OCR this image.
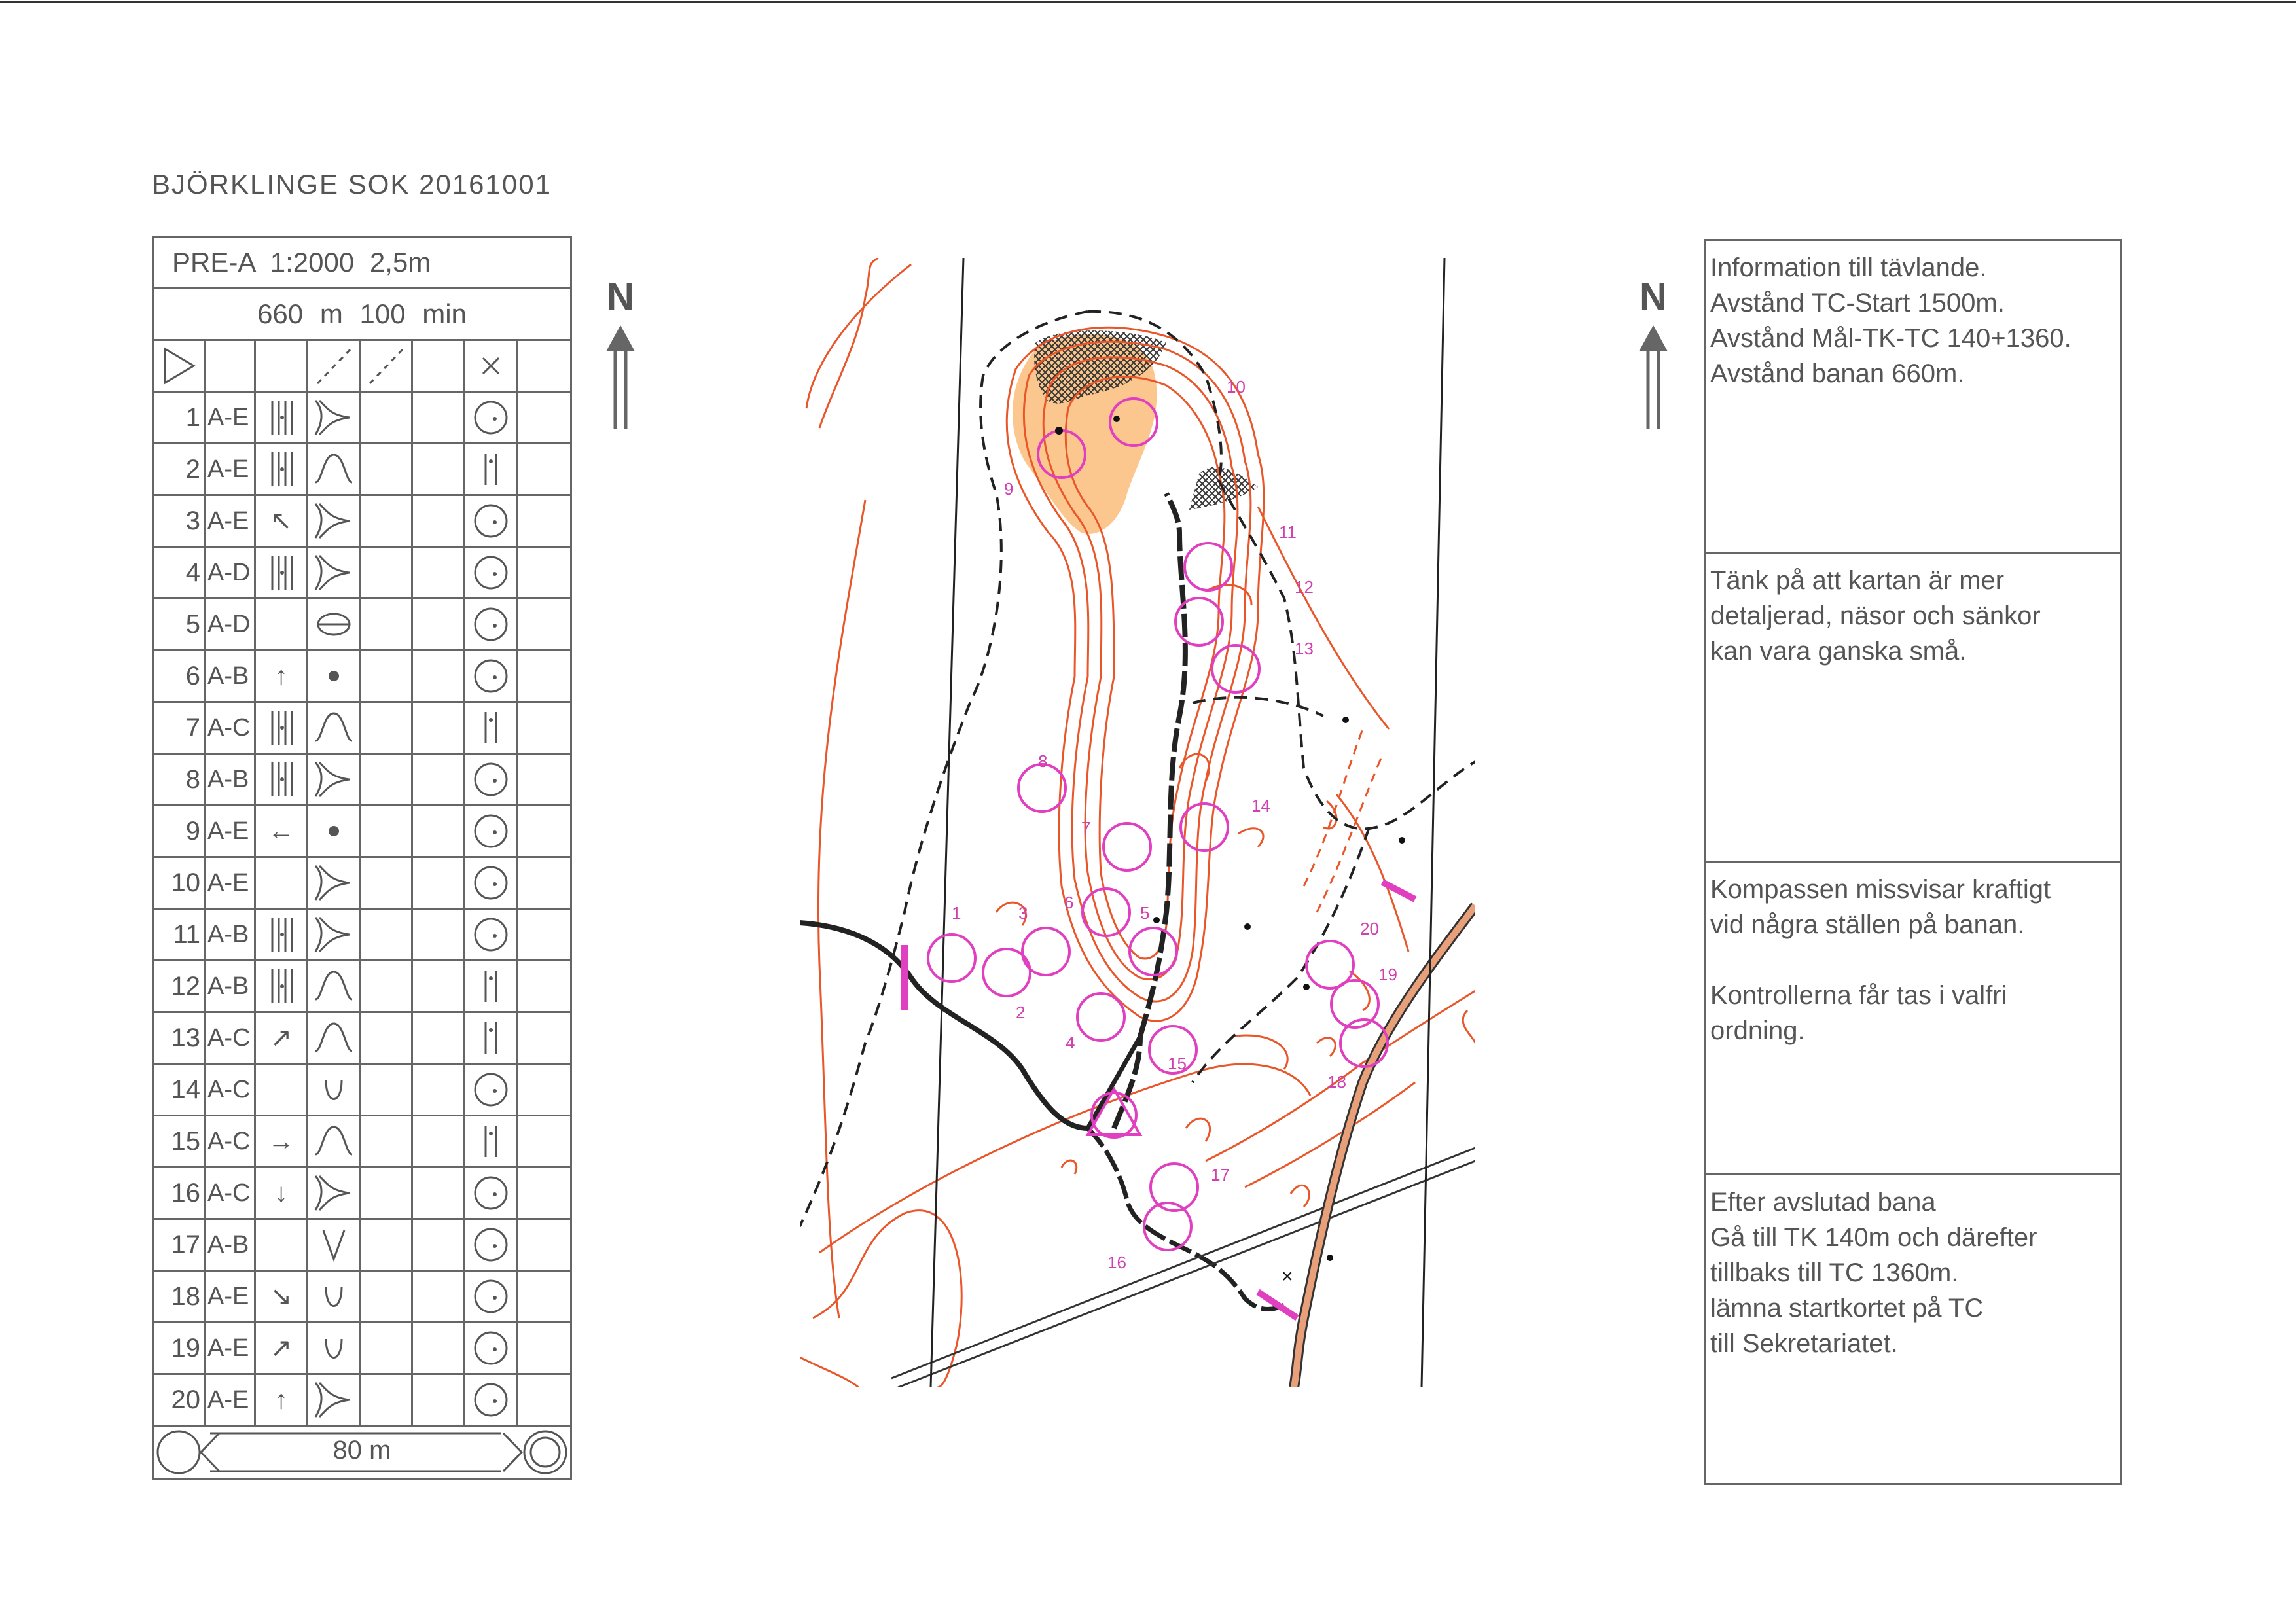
BJÖRKLINGE SOK 20161001
PRE-A 1:2000 2,5m
660 m 100 min
1 A-E
2 A-E
3 A-E ↖
4 A-D
5 A-D
6 A-B ↑
7 A-C
8 A-B
9 A-E ←
10 A-E
11 A-B
12 A-B
13 A-C ↗
14 A-C
15 A-C →
16 A-C ↓
17 A-B
18 A-E ↘
19 A-E ↗
20 A-E ↑
80 m
N	N
1
2
3
4
5
6
7
8
9
10
11
12
13
14
15
16
17
18
19
20
×
Information till tävlande.
Avstånd TC-Start 1500m.
Avstånd Mål-TK-TC 140+1360.
Avstånd banan 660m.
Tänk på att kartan är mer
detaljerad, näsor och sänkor
kan vara ganska små.
Kompassen missvisar kraftigt
vid några ställen på banan.
Kontrollerna får tas i valfri
ordning.
Efter avslutad bana
Gå till TK 140m och därefter
tillbaks till TC 1360m.
lämna startkortet på TC
till Sekretariatet.
